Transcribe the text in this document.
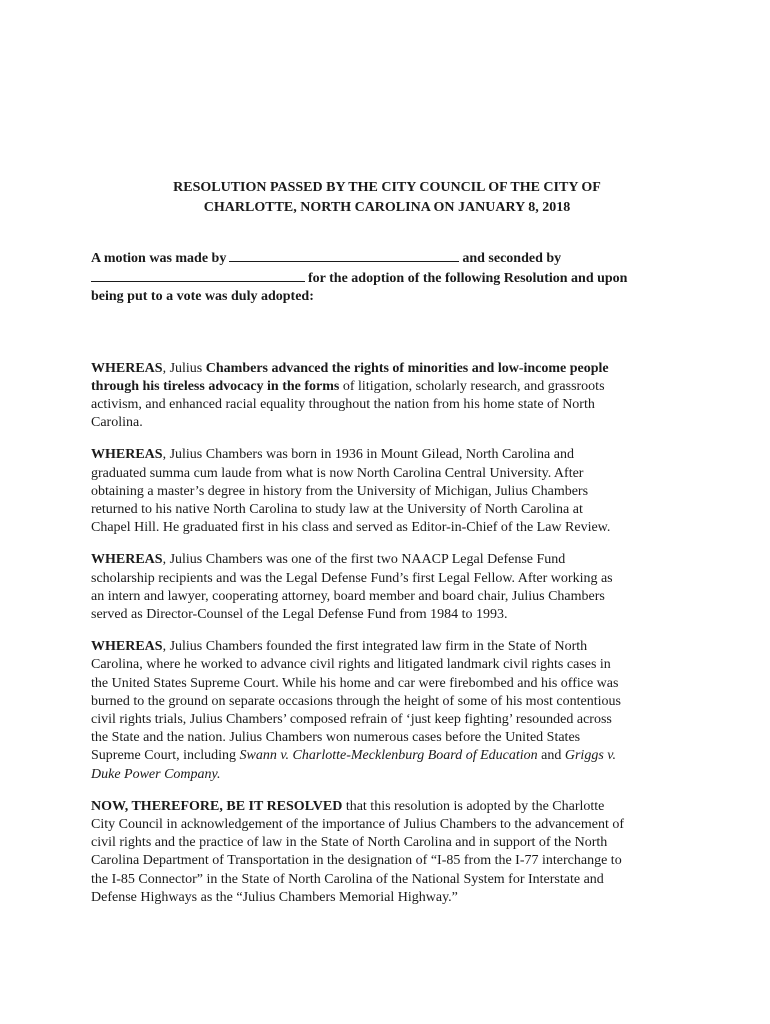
RESOLUTION PASSED BY THE CITY COUNCIL OF THE CITY OF
CHARLOTTE, NORTH CAROLINA ON JANUARY 8, 2018
A motion was made by	and seconded by
for the adoption of the following Resolution and upon
being put to a vote was duly adopted:

WHEREAS, Julius Chambers advanced the rights of minorities and low-income people
through his tireless advocacy in the forms of litigation, scholarly research, and grassroots
activism, and enhanced racial equality throughout the nation from his home state of North
Carolina.

WHEREAS, Julius Chambers was born in 1936 in Mount Gilead, North Carolina and
graduated summa cum laude from what is now North Carolina Central University. After
obtaining a master’s degree in history from the University of Michigan, Julius Chambers
returned to his native North Carolina to study law at the University of North Carolina at
Chapel Hill. He graduated first in his class and served as Editor-in-Chief of the Law Review.

WHEREAS, Julius Chambers was one of the first two NAACP Legal Defense Fund
scholarship recipients and was the Legal Defense Fund’s first Legal Fellow. After working as
an intern and lawyer, cooperating attorney, board member and board chair, Julius Chambers
served as Director-Counsel of the Legal Defense Fund from 1984 to 1993.

WHEREAS, Julius Chambers founded the first integrated law firm in the State of North
Carolina, where he worked to advance civil rights and litigated landmark civil rights cases in
the United States Supreme Court. While his home and car were firebombed and his office was
burned to the ground on separate occasions through the height of some of his most contentious
civil rights trials, Julius Chambers’ composed refrain of ‘just keep fighting’ resounded across
the State and the nation. Julius Chambers won numerous cases before the United States
Supreme Court, including Swann v. Charlotte-Mecklenburg Board of Education and Griggs v.
Duke Power Company.

NOW, THEREFORE, BE IT RESOLVED that this resolution is adopted by the Charlotte
City Council in acknowledgement of the importance of Julius Chambers to the advancement of
civil rights and the practice of law in the State of North Carolina and in support of the North
Carolina Department of Transportation in the designation of “I-85 from the I-77 interchange to
the I-85 Connector” in the State of North Carolina of the National System for Interstate and
Defense Highways as the “Julius Chambers Memorial Highway.”
